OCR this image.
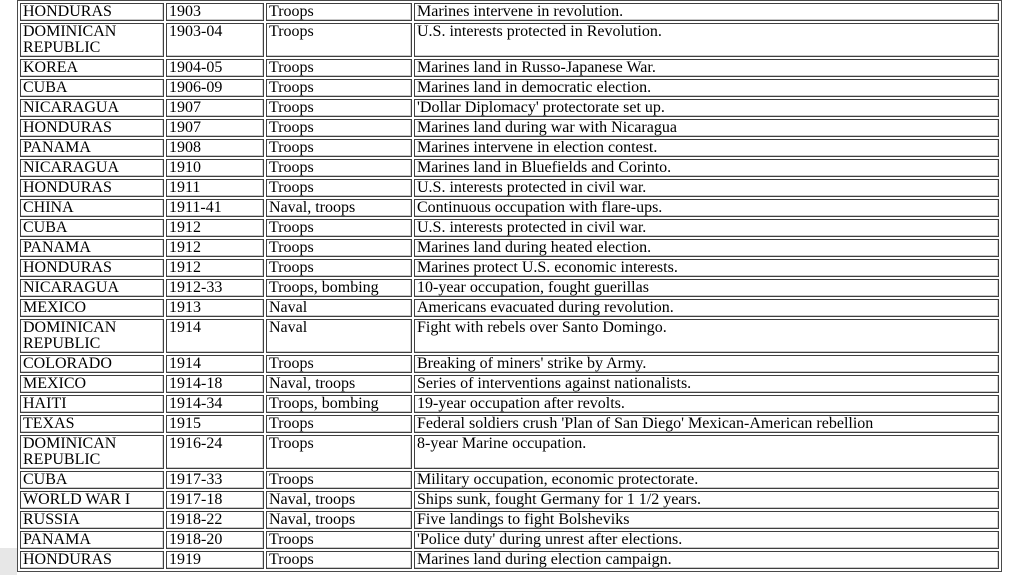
HONDURAS	1903	Troops	Marines intervene in revolution.
DOMINICAN REPUBLIC	1903-04	Troops	U.S. interests protected in Revolution.
KOREA	1904-05	Troops	Marines land in Russo-Japanese War.
CUBA	1906-09	Troops	Marines land in democratic election.
NICARAGUA	1907	Troops	'Dollar Diplomacy' protectorate set up.
HONDURAS	1907	Troops	Marines land during war with Nicaragua
PANAMA	1908	Troops	Marines intervene in election contest.
NICARAGUA	1910	Troops	Marines land in Bluefields and Corinto.
HONDURAS	1911	Troops	U.S. interests protected in civil war.
CHINA	1911-41	Naval, troops	Continuous occupation with flare-ups.
CUBA	1912	Troops	U.S. interests protected in civil war.
PANAMA	1912	Troops	Marines land during heated election.
HONDURAS	1912	Troops	Marines protect U.S. economic interests.
NICARAGUA	1912-33	Troops, bombing	10-year occupation, fought guerillas
MEXICO	1913	Naval	Americans evacuated during revolution.
DOMINICAN REPUBLIC	1914	Naval	Fight with rebels over Santo Domingo.
COLORADO	1914	Troops	Breaking of miners' strike by Army.
MEXICO	1914-18	Naval, troops	Series of interventions against nationalists.
HAITI	1914-34	Troops, bombing	19-year occupation after revolts.
TEXAS	1915	Troops	Federal soldiers crush 'Plan of San Diego' Mexican-American rebellion
DOMINICAN REPUBLIC	1916-24	Troops	8-year Marine occupation.
CUBA	1917-33	Troops	Military occupation, economic protectorate.
WORLD WAR I	1917-18	Naval, troops	Ships sunk, fought Germany for 1 1/2 years.
RUSSIA	1918-22	Naval, troops	Five landings to fight Bolsheviks
PANAMA	1918-20	Troops	'Police duty' during unrest after elections.
HONDURAS	1919	Troops	Marines land during election campaign.
